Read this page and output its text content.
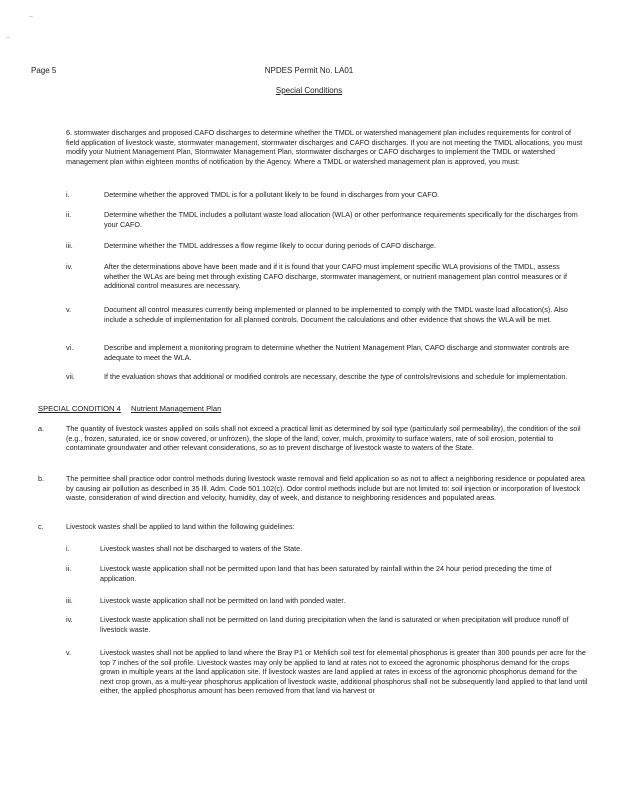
..
..
Page 5	NPDES Permit No. LA01
Special Conditions
6. stormwater discharges and proposed CAFO discharges to determine whether the TMDL or watershed management plan includes requirements for control of field application of livestock waste, stormwater management, stormwater discharges and CAFO discharges. If you are not meeting the TMDL allocations, you must modify your Nutrient Management Plan, Stormwater Management Plan, stormwater discharges or CAFO discharges to implement the TMDL or watershed management plan within eighteen months of notification by the Agency. Where a TMDL or watershed management plan is approved, you must:
i.	Determine whether the approved TMDL is for a pollutant likely to be found in discharges from your CAFO.
ii.	Determine whether the TMDL includes a pollutant waste load allocation (WLA) or other performance requirements specifically for the discharges from your CAFO.
iii.	Determine whether the TMDL addresses a flow regime likely to occur during periods of CAFO discharge.
iv.	After the determinations above have been made and if it is found that your CAFO must implement specific WLA provisions of the TMDL, assess whether the WLAs are being met through existing CAFO discharge, stormwater management, or nutrient management plan control measures or if additional control measures are necessary.
v.	Document all control measures currently being implemented or planned to be implemented to comply with the TMDL waste load allocation(s). Also include a schedule of implementation for all planned controls. Document the calculations and other evidence that shows the WLA will be met.
vi.	Describe and implement a monitoring program to determine whether the Nutrient Management Plan, CAFO discharge and stormwater controls are adequate to meet the WLA.
vii.	If the evaluation shows that additional or modified controls are necessary, describe the type of controls/revisions and schedule for implementation.
SPECIAL CONDITION 4 Nutrient Management Plan
a.	The quantity of livestock wastes applied on soils shall not exceed a practical limit as determined by soil type (particularly soil permeability), the condition of the soil (e.g., frozen, saturated, ice or snow covered, or unfrozen), the slope of the land, cover, mulch, proximity to surface waters, rate of soil erosion, potential to contaminate groundwater and other relevant considerations, so as to prevent discharge of livestock waste to waters of the State.
b.	The permittee shall practice odor control methods during livestock waste removal and field application so as not to affect a neighboring residence or populated area by causing air pollution as described in 35 Ill. Adm. Code 501.102(c). Odor control methods include but are not limited to: soil injection or incorporation of livestock waste, consideration of wind direction and velocity, humidity, day of week, and distance to neighboring residences and populated areas.
c.	Livestock wastes shall be applied to land within the following guidelines:
i.	Livestock wastes shall not be discharged to waters of the State.
ii.	Livestock waste application shall not be permitted upon land that has been saturated by rainfall within the 24 hour period preceding the time of application.
iii.	Livestock waste application shall not be permitted on land with ponded water.
iv.	Livestock waste application shall not be permitted on land during precipitation when the land is saturated or when precipitation will produce runoff of livestock waste.
v.	Livestock wastes shall not be applied to land where the Bray P1 or Mehlich soil test for elemental phosphorus is greater than 300 pounds per acre for the top 7 inches of the soil profile. Livestock wastes may only be applied to land at rates not to exceed the agronomic phosphorus demand for the crops grown in multiple years at the land application site. If livestock wastes are land applied at rates in excess of the agronomic phosphorus demand for the next crop grown, as a multi-year phosphorus application of livestock waste, additional phosphorus shall not be subsequently land applied to that land until either, the applied phosphorus amount has been removed from that land via harvest or
